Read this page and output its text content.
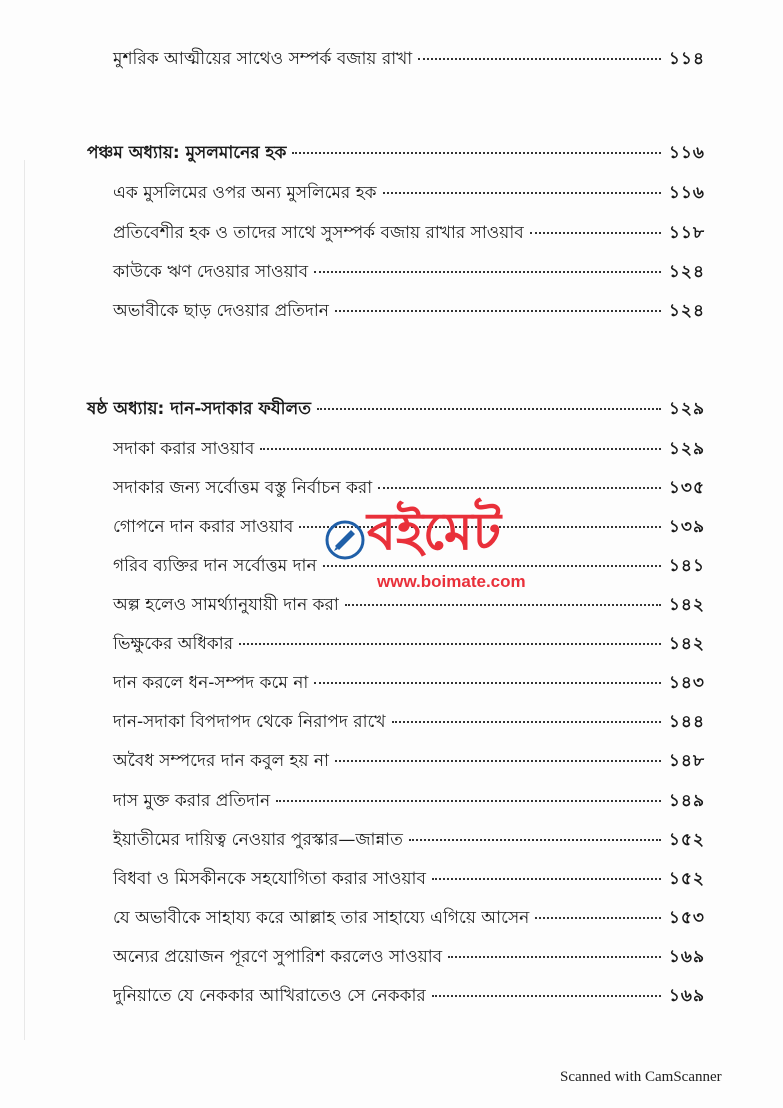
মুশরিক আত্মীয়ের সাথেও সম্পর্ক বজায় রাখা	১১৪
পঞ্চম অধ্যায়: মুসলমানের হক	১১৬
এক মুসলিমের ওপর অন্য মুসলিমের হক	১১৬
প্রতিবেশীর হক ও তাদের সাথে সুসম্পর্ক বজায় রাখার সাওয়াব	১১৮
কাউকে ঋণ দেওয়ার সাওয়াব	১২৪
অভাবীকে ছাড় দেওয়ার প্রতিদান	১২৪
ষষ্ঠ অধ্যায়: দান-সদাকার ফযীলত	১২৯
সদাকা করার সাওয়াব	১২৯
সদাকার জন্য সর্বোত্তম বস্তু নির্বাচন করা	১৩৫
গোপনে দান করার সাওয়াব	১৩৯
গরিব ব্যক্তির দান সর্বোত্তম দান	১৪১
অল্প হলেও সামর্থ্যানুযায়ী দান করা	১৪২
ভিক্ষুকের অধিকার	১৪২
দান করলে ধন-সম্পদ কমে না	১৪৩
দান-সদাকা বিপদাপদ থেকে নিরাপদ রাখে	১৪৪
অবৈধ সম্পদের দান কবুল হয় না	১৪৮
দাস মুক্ত করার প্রতিদান	১৪৯
ইয়াতীমের দায়িত্ব নেওয়ার পুরস্কার—জান্নাত	১৫২
বিধবা ও মিসকীনকে সহযোগিতা করার সাওয়াব	১৫২
যে অভাবীকে সাহায্য করে আল্লাহ তার সাহায্যে এগিয়ে আসেন	১৫৩
অন্যের প্রয়োজন পূরণে সুপারিশ করলেও সাওয়াব	১৬৯
দুনিয়াতে যে নেককার আখিরাতেও সে নেককার	১৬৯
বইমেট
www.boimate.com
Scanned with CamScanner
